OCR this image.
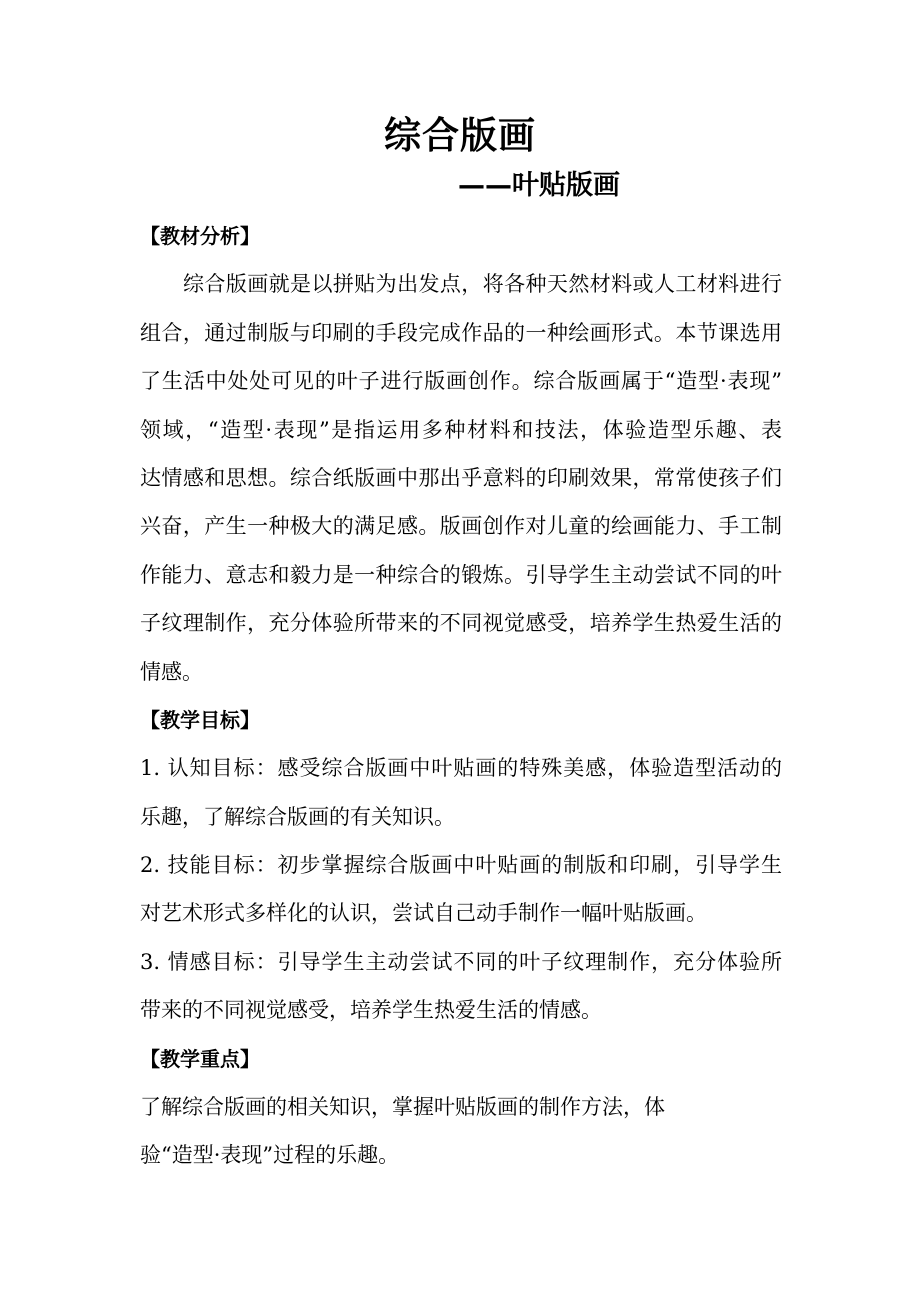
综合版画
——叶贴版画
【教材分析】
综合版画就是以拼贴为出发点，将各种天然材料或人工材料进行
组合，通过制版与印刷的手段完成作品的一种绘画形式。本节课选用
了生活中处处可见的叶子进行版画创作。综合版画属于“造型·表现”
领域，“造型·表现”是指运用多种材料和技法，体验造型乐趣、表
达情感和思想。综合纸版画中那出乎意料的印刷效果，常常使孩子们
兴奋，产生一种极大的满足感。版画创作对儿童的绘画能力、手工制
作能力、意志和毅力是一种综合的锻炼。引导学生主动尝试不同的叶
子纹理制作，充分体验所带来的不同视觉感受，培养学生热爱生活的
情感。
【教学目标】
1. 认知目标：感受综合版画中叶贴画的特殊美感，体验造型活动的
乐趣，了解综合版画的有关知识。
2. 技能目标：初步掌握综合版画中叶贴画的制版和印刷，引导学生
对艺术形式多样化的认识，尝试自己动手制作一幅叶贴版画。
3. 情感目标：引导学生主动尝试不同的叶子纹理制作，充分体验所
带来的不同视觉感受，培养学生热爱生活的情感。
【教学重点】
了解综合版画的相关知识，掌握叶贴版画的制作方法，体
验“造型·表现”过程的乐趣。
